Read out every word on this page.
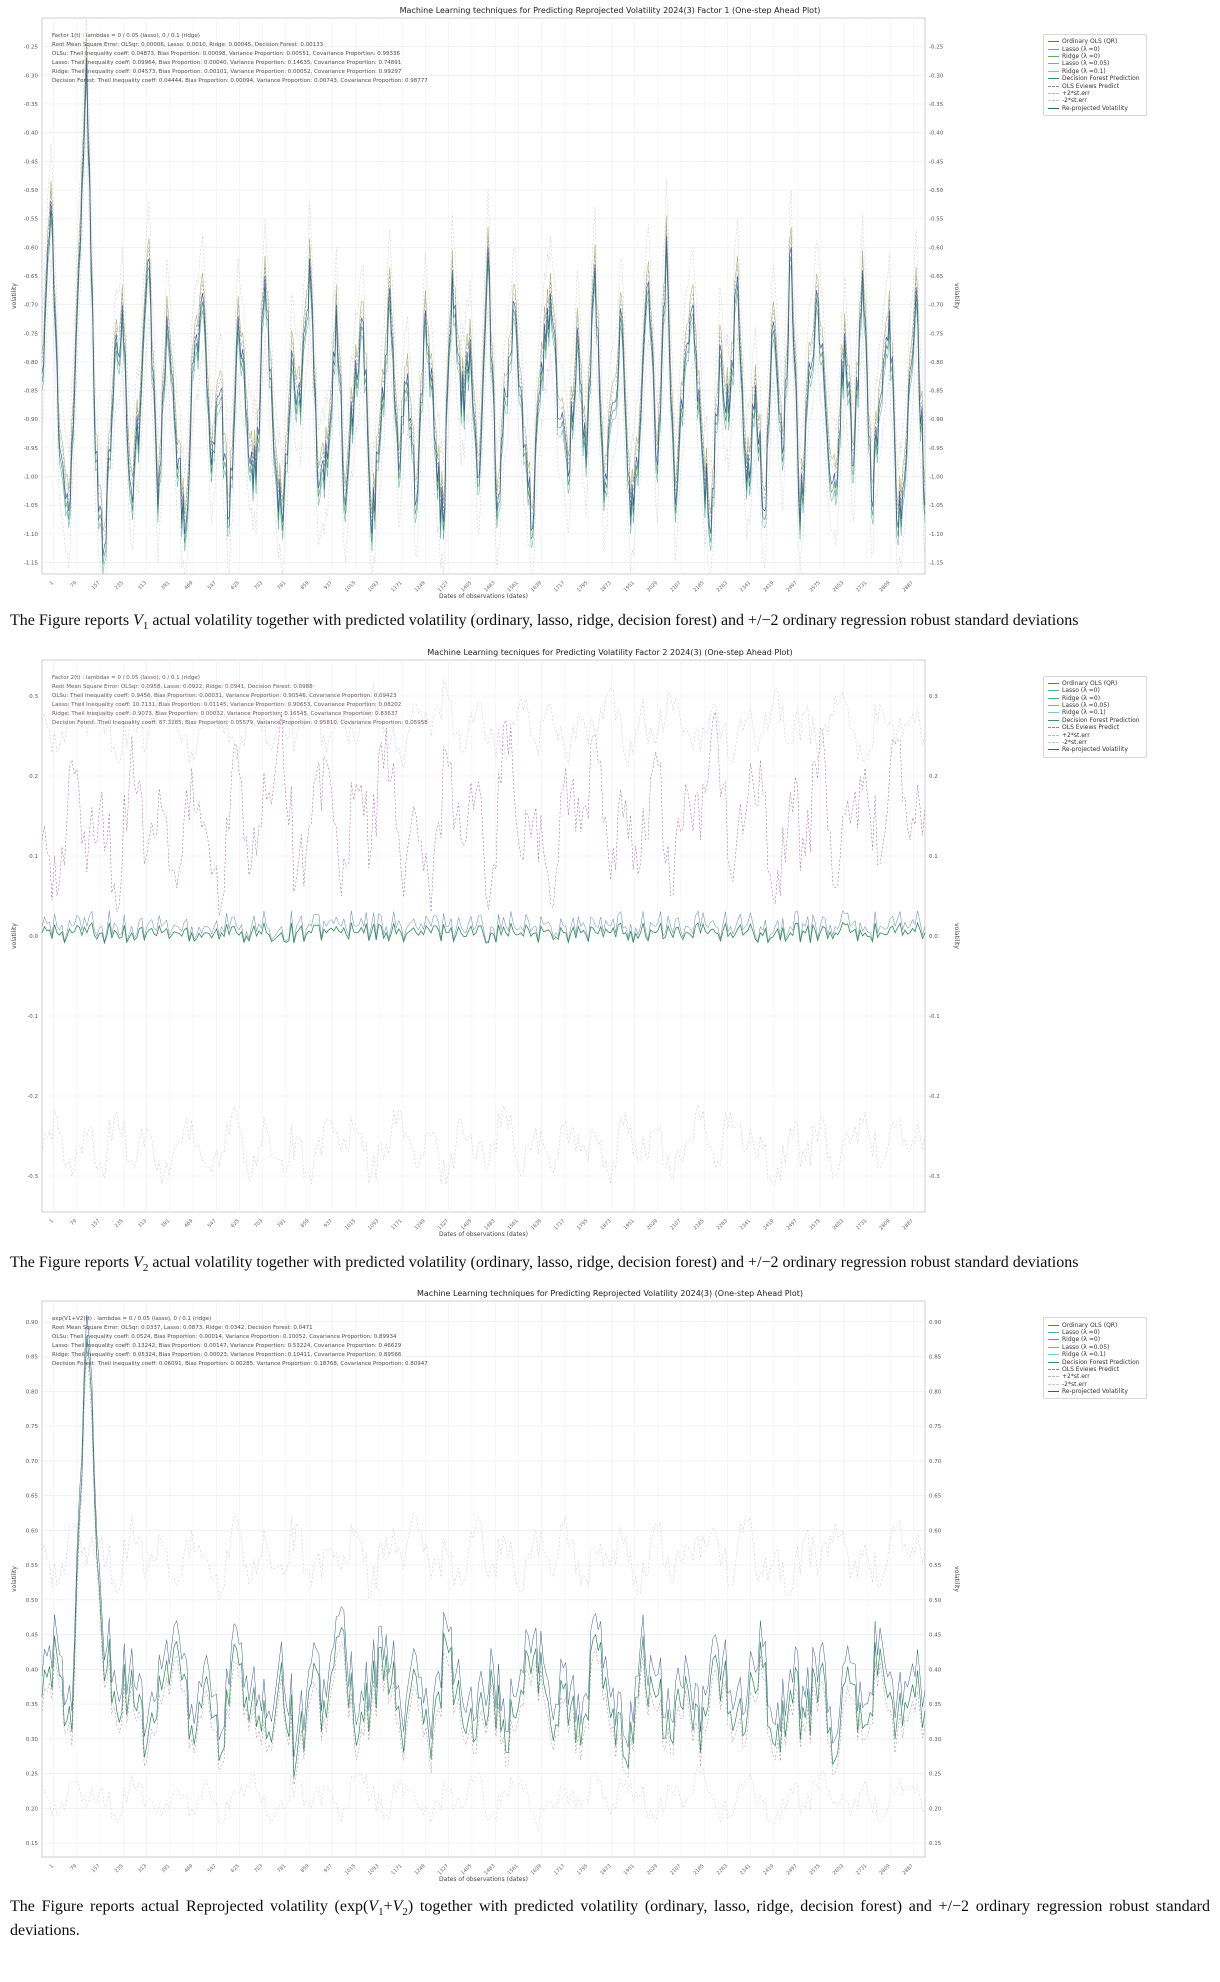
Machine Learning techniques for Predicting Reprojected Volatility 2024(3) Factor 1 (One-step Ahead Plot)
-0.25	-0.25
-0.30	-0.30
-0.35	-0.35
-0.40	-0.40
-0.45	-0.45
-0.50	-0.50
-0.55	-0.55
-0.60	-0.60
-0.65	-0.65
-0.70	-0.70
-0.75	-0.75
-0.80	-0.80
-0.85	-0.85
-0.90	-0.90
-0.95	-0.95
-1.00	-1.00
-1.05	-1.05
-1.10	-1.10
-1.15	-1.15
1	79 157 235 313 391 469 547 625 703 781 859 937 1015 1093 1171 1249 1327 1405 1483 1561 1639 1717 1795 1873 1951 2029 2107 2185 2263 2341 2419 2497 2575 2653 2731 2809 2887
volatility	volatility
Dates of observations (dates)
Factor 1(t) : lambdas = 0 / 0.05 (lasso), 0 / 0.1 (ridge)
Root Mean Square Error: OLSqr: 0.00006, Lasso: 0.0010, Ridge: 0.00045, Decision Forest: 0.00133
OLSu: Theil Inequality coeff: 0.04873, Bias Proportion: 0.00098, Variance Proportion: 0.00551, Covariance Proportion: 0.99336
Lasso: Theil Inequality coeff: 0.09964, Bias Proportion: 0.00040, Variance Proportion: 0.14635, Covariance Proportion: 0.74891
Ridge: Theil Inequality coeff: 0.04573, Bias Proportion: 0.00101, Variance Proportion: 0.00052, Covariance Proportion: 0.99297
Decision Forest: Theil Inequality coeff: 0.04444, Bias Proportion: 0.00094, Variance Proportion: 0.00743, Covariance Proportion: 0.98777
Ordinary OLS (QR)
Lasso (λ =0)
Ridge (λ =0)
Lasso (λ =0.05)
Ridge (λ =0.1)
Decision Forest Prediction
OLS Eviews Predict
+2*st.err
-2*st.err
Re-projected Volatility

The Figure reports $V_1$ actual volatility together with predicted volatility (ordinary, lasso, ridge, decision forest) and +/−2 ordinary regression robust standard deviations

Machine Learning tecniques for Predicting Volatility Factor 2 2024(3) (One-step Ahead Plot)
0.3	0.3
0.2	0.2
0.1	0.1
0.0	0.0
-0.1	-0.1
-0.2	-0.2
-0.3	-0.3
1	79 157 235 313 391 469 547 625 703 781 859 937 1015 1093 1171 1249 1327 1405 1483 1561 1639 1717 1795 1873 1951 2029 2107 2185 2263 2341 2419 2497 2575 2653 2731 2809 2887
volatility	volatility
Dates of observations (dates)
Factor 2(t) : lambdas = 0 / 0.05 (lasso), 0 / 0.1 (ridge)
Root Mean Square Error: OLSqr: 0.0958, Lasso: 0.0922, Ridge: 0.0941, Decision Forest: 0.0988
OLSu: Theil Inequality coeff: 0.9456, Bias Proportion: 0.00031, Variance Proportion: 0.90546, Covariance Proportion: 0.09423
Lasso: Theil Inequality coeff: 10.7131, Bias Proportion: 0.01145, Variance Proportion: 0.90653, Covariance Proportion: 0.08202
Ridge: Theil Inequality coeff: 0.9073, Bias Proportion: 0.00032, Variance Proportion: 0.16545, Covariance Proportion: 0.83637
Decision Forest: Theil Inequality coeff: 87.3285, Bias Proportion: 0.05579, Variance Proportion: 0.95810, Covariance Proportion: 0.05958
Ordinary OLS (QR)
Lasso (λ =0)
Ridge (λ =0)
Lasso (λ =0.05)
Ridge (λ =0.1)
Decision Forest Prediction
OLS Eviews Predict
+2*st.err
-2*st.err
Re-projected Volatility

The Figure reports $V_2$ actual volatility together with predicted volatility (ordinary, lasso, ridge, decision forest) and +/−2 ordinary regression robust standard deviations

Machine Learning techniques for Predicting Reprojected Volatility 2024(3) (One-step Ahead Plot)
0.90	0.90
0.85	0.85
0.80	0.80
0.75	0.75
0.70	0.70
0.65	0.65
0.60	0.60
0.55	0.55
0.50	0.50
0.45	0.45
0.40	0.40
0.35	0.35
0.30	0.30
0.25	0.25
0.20	0.20
0.15	0.15
1	79 157 235 313 391 469 547 625 703 781 859 937 1015 1093 1171 1249 1327 1405 1483 1561 1639 1717 1795 1873 1951 2029 2107 2185 2263 2341 2419 2497 2575 2653 2731 2809 2887
volatility	volatility
Dates of observations (dates)
exp(V1+V2)(t) : lambdas = 0 / 0.05 (lasso), 0 / 0.1 (ridge)
Root Mean Square Error: OLSqr: 0.0337, Lasso: 0.0873, Ridge: 0.0342, Decision Forest: 0.0471
OLSu: Theil Inequality coeff: 0.0524, Bias Proportion: 0.00014, Variance Proportion: 0.10052, Covariance Proportion: 0.89934
Lasso: Theil Inequality coeff: 0.13242, Bias Proportion: 0.00147, Variance Proportion: 0.53224, Covariance Proportion: 0.46629
Ridge: Theil Inequality coeff: 0.05324, Bias Proportion: 0.00023, Variance Proportion: 0.10411, Covariance Proportion: 0.89566
Decision Forest: Theil Inequality coeff: 0.06091, Bias Proportion: 0.00285, Variance Proportion: 0.18768, Covariance Proportion: 0.80947
Ordinary OLS (QR)
Lasso (λ =0)
Ridge (λ =0)
Lasso (λ =0.05)
Ridge (λ =0.1)
Decision Forest Prediction
OLS Eviews Predict
+2*st.err
-2*st.err
Re-projected Volatility

The Figure reports actual Reprojected volatility ($\exp(V_1+V_2)$ together with predicted volatility (ordinary, lasso, ridge, decision forest) and +/−2 ordinary regression robust standard deviations.
